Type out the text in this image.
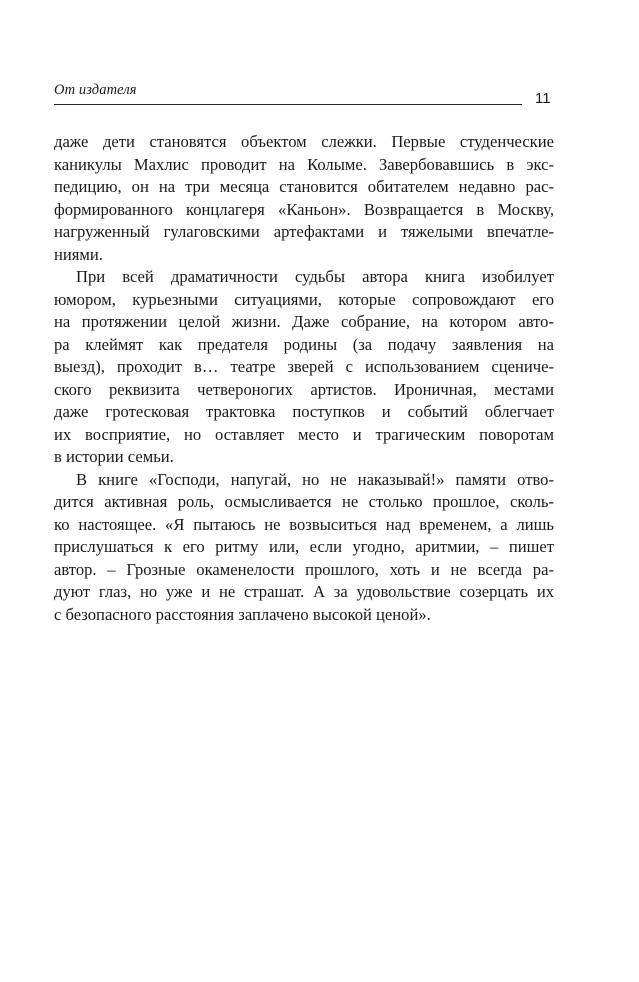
От издателя	11
даже дети становятся объектом слежки. Первые студенческие
каникулы Махлис проводит на Колыме. Завербовавшись в экс-
педицию, он на три месяца становится обитателем недавно рас-
формированного концлагеря «Каньон». Возвращается в Москву,
нагруженный гулаговскими артефактами и тяжелыми впечатле-
ниями.
При всей драматичности судьбы автора книга изобилует
юмором, курьезными ситуациями, которые сопровождают его
на протяжении целой жизни. Даже собрание, на котором авто-
ра клеймят как предателя родины (за подачу заявления на
выезд), проходит в… театре зверей с использованием сцениче-
ского реквизита четвероногих артистов. Ироничная, местами
даже гротесковая трактовка поступков и событий облегчает
их восприятие, но оставляет место и трагическим поворотам
в истории семьи.
В книге «Господи, напугай, но не наказывай!» памяти отво-
дится активная роль, осмысливается не столько прошлое, сколь-
ко настоящее. «Я пытаюсь не возвыситься над временем, а лишь
прислушаться к его ритму или, если угодно, аритмии, – пишет
автор. – Грозные окаменелости прошлого, хоть и не всегда ра-
дуют глаз, но уже и не страшат. А за удовольствие созерцать их
с безопасного расстояния заплачено высокой ценой».
